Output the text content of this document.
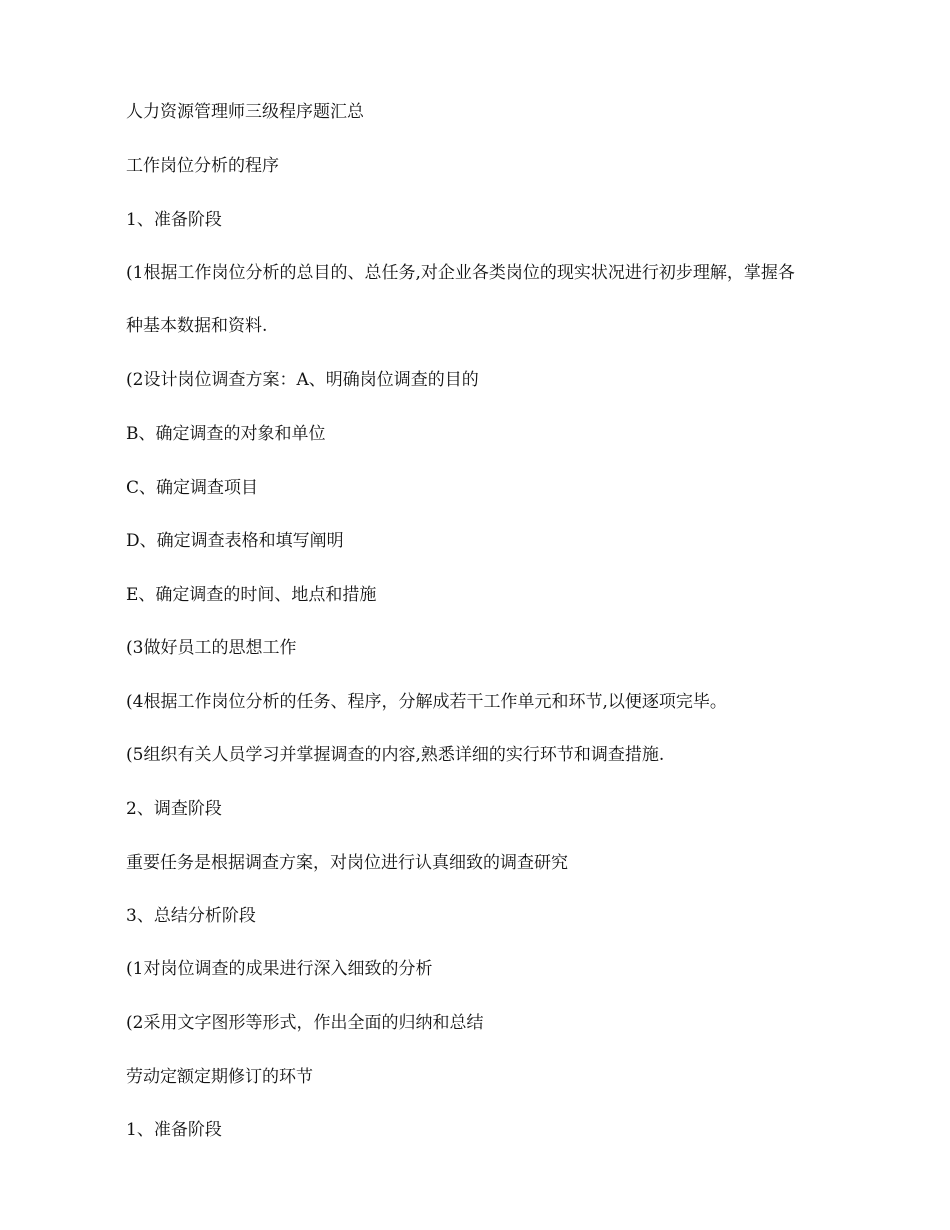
人力资源管理师三级程序题汇总

工作岗位分析的程序

1、准备阶段

(1根据工作岗位分析的总目的、总任务,对企业各类岗位的现实状况进行初步理解，掌握各

种基本数据和资料.

(2设计岗位调查方案：A、明确岗位调查的目的

B、确定调查的对象和单位

C、确定调查项目

D、确定调查表格和填写阐明

E、确定调查的时间、地点和措施

(3做好员工的思想工作

(4根据工作岗位分析的任务、程序，分解成若干工作单元和环节,以便逐项完毕。

(5组织有关人员学习并掌握调查的内容,熟悉详细的实行环节和调查措施.

2、调查阶段

重要任务是根据调查方案，对岗位进行认真细致的调查研究

3、总结分析阶段

(1对岗位调查的成果进行深入细致的分析

(2采用文字图形等形式，作出全面的归纳和总结

劳动定额定期修订的环节

1、准备阶段
